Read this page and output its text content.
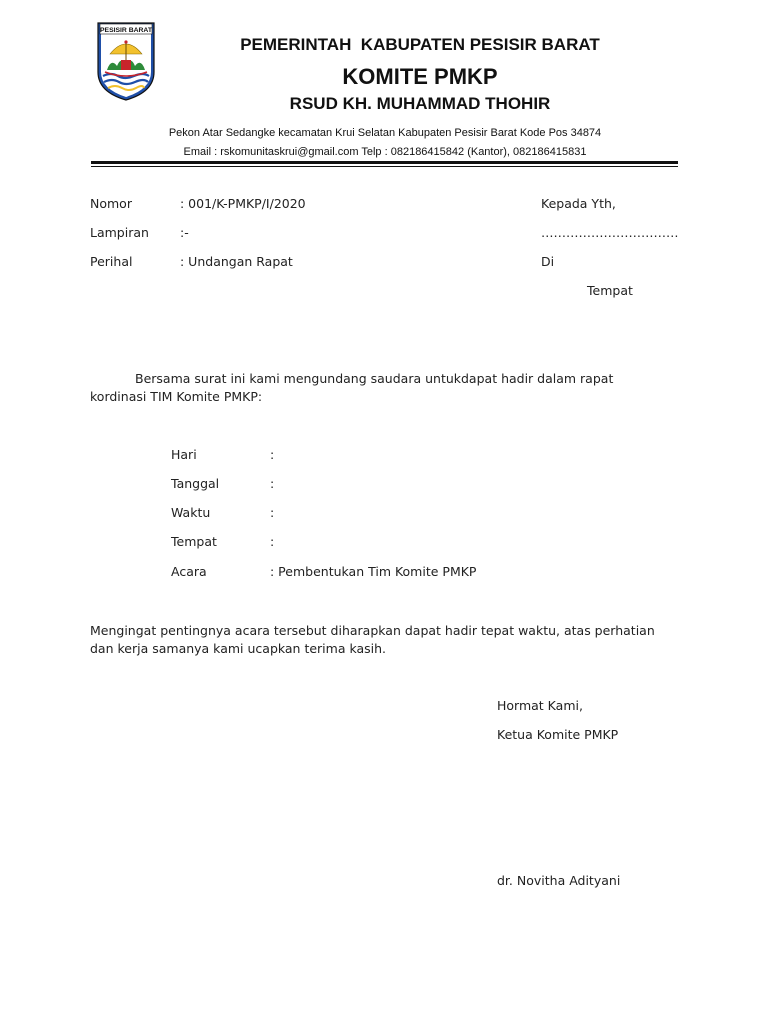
PESISIR BARAT
PEMERINTAH  KABUPATEN PESISIR BARAT
KOMITE PMKP
RSUD KH. MUHAMMAD THOHIR
Pekon Atar Sedangke kecamatan Krui Selatan Kabupaten Pesisir Barat Kode Pos 34874
Email : rskomunitaskrui@gmail.com Telp : 082186415842 (Kantor), 082186415831
Nomor	: 001/K-PMKP/I/2020
Lampiran :-
Perihal	: Undangan Rapat
Kepada Yth,
……………………………
Di
Tempat
Bersama surat ini kami mengundang saudara untukdapat hadir dalam rapat kordinasi TIM Komite PMKP:
Hari	:
Tanggal	:
Waktu	:
Tempat	:
Acara	: Pembentukan Tim Komite PMKP
Mengingat pentingnya acara tersebut diharapkan dapat hadir tepat waktu, atas perhatian dan kerja samanya kami ucapkan terima kasih.
Hormat Kami,
Ketua Komite PMKP
dr. Novitha Adityani
